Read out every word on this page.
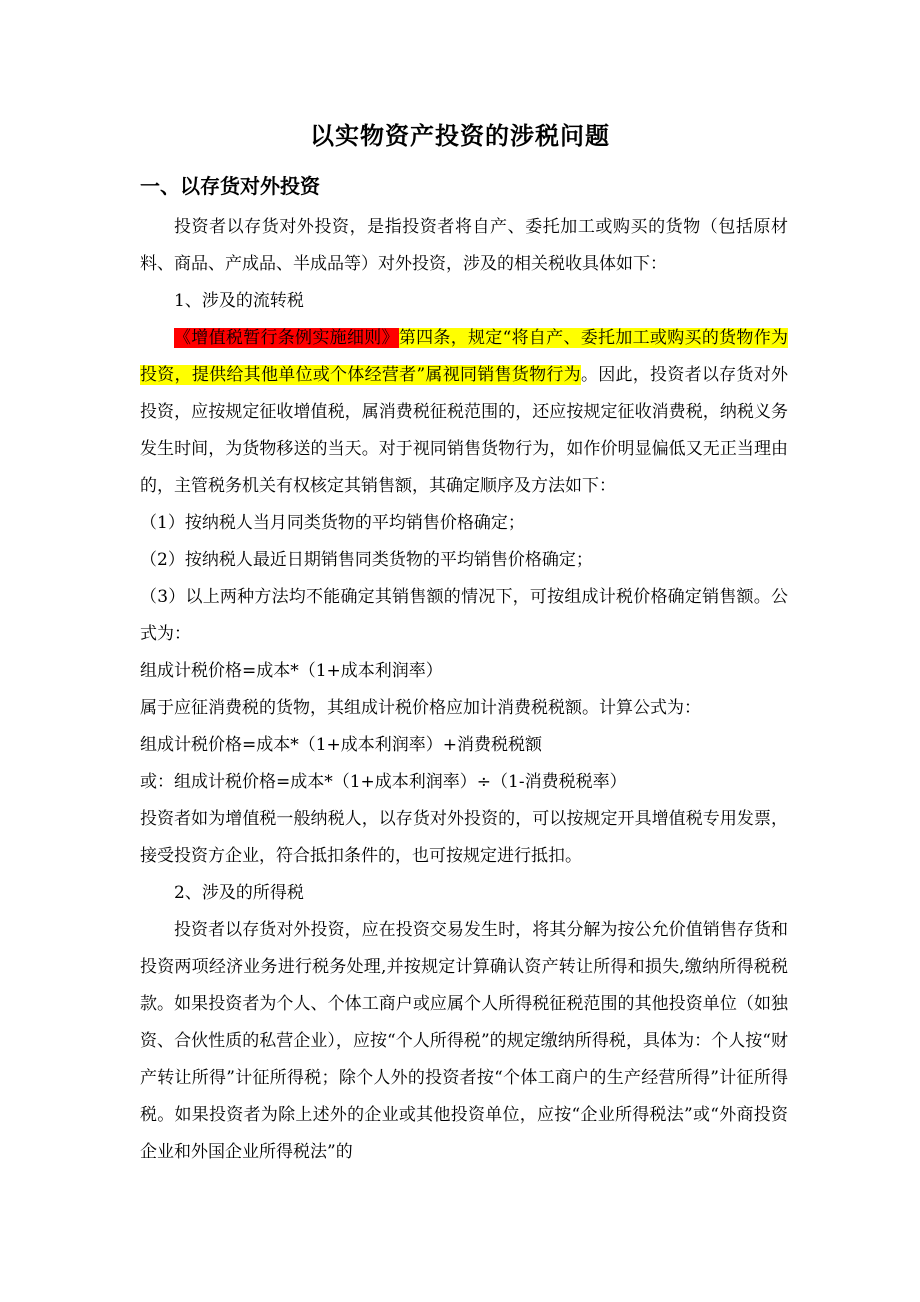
以实物资产投资的涉税问题
一、以存货对外投资

投资者以存货对外投资，是指投资者将自产、委托加工或购买的货物（包括原材料、商品、产成品、半成品等）对外投资，涉及的相关税收具体如下：

1、涉及的流转税

《增值税暂行条例实施细则》第四条，规定“将自产、委托加工或购买的货物作为投资，提供给其他单位或个体经营者”属视同销售货物行为。因此，投资者以存货对外投资，应按规定征收增值税，属消费税征税范围的，还应按规定征收消费税，纳税义务发生时间，为货物移送的当天。对于视同销售货物行为，如作价明显偏低又无正当理由的，主管税务机关有权核定其销售额，其确定顺序及方法如下：

（1）按纳税人当月同类货物的平均销售价格确定；

（2）按纳税人最近日期销售同类货物的平均销售价格确定；

（3）以上两种方法均不能确定其销售额的情况下，可按组成计税价格确定销售额。公式为：

组成计税价格=成本*（1+成本利润率）

属于应征消费税的货物，其组成计税价格应加计消费税税额。计算公式为：

组成计税价格=成本*（1+成本利润率）+消费税税额

或：组成计税价格=成本*（1+成本利润率）÷（1-消费税税率）

投资者如为增值税一般纳税人，以存货对外投资的，可以按规定开具增值税专用发票，接受投资方企业，符合抵扣条件的，也可按规定进行抵扣。

2、涉及的所得税

投资者以存货对外投资，应在投资交易发生时，将其分解为按公允价值销售存货和投资两项经济业务进行税务处理,并按规定计算确认资产转让所得和损失,缴纳所得税税款。如果投资者为个人、个体工商户或应属个人所得税征税范围的其他投资单位（如独资、合伙性质的私营企业），应按“个人所得税”的规定缴纳所得税，具体为：个人按“财产转让所得”计征所得税；除个人外的投资者按“个体工商户的生产经营所得”计征所得税。如果投资者为除上述外的企业或其他投资单位，应按“企业所得税法”或“外商投资企业和外国企业所得税法”的
